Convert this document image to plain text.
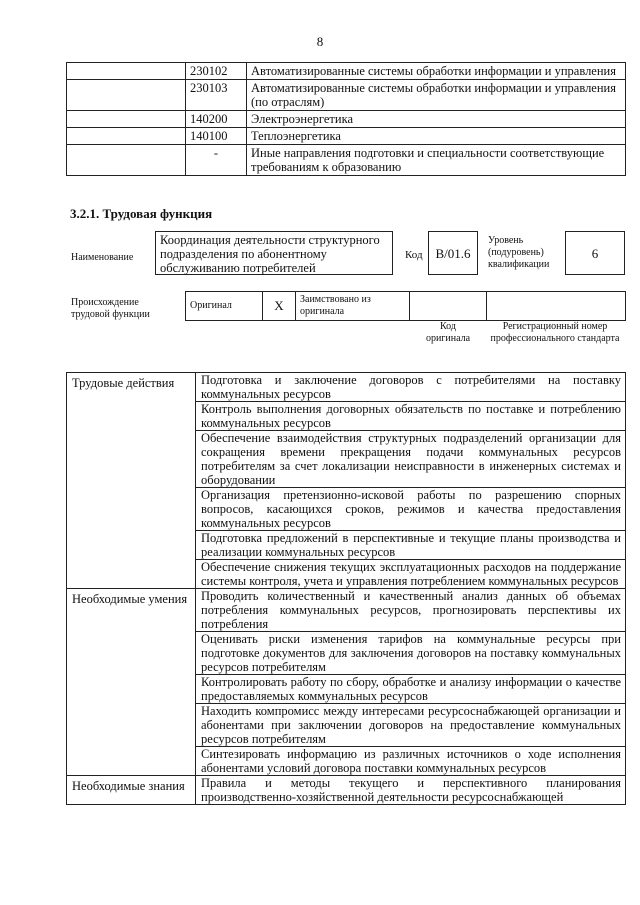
8
	230102	Автоматизированные системы обработки информации и управления
	230103	Автоматизированные системы обработки информации и управления (по отраслям)
	140200	Электроэнергетика
	140100	Теплоэнергетика
	-	Иные направления подготовки и специальности соответствующие требованиям к образованию
3.2.1. Трудовая функция
Наименование
Координация деятельности структурного подразделения по абонентному обслуживанию потребителей
Код B/01.6
Уровень (подуровень) квалификации
6
Происхождение трудовой функции
Оригинал	X	Заимствовано из оригинала		
Код оригинала
Регистрационный номер профессионального стандарта
Трудовые действия	Подготовка и заключение договоров с потребителями на поставку коммунальных ресурсов
	Контроль выполнения договорных обязательств по поставке и потреблению коммунальных ресурсов
	Обеспечение взаимодействия структурных подразделений организации для сокращения времени прекращения подачи коммунальных ресурсов потребителям за счет локализации неисправности в инженерных системах и оборудовании
	Организация претензионно-исковой работы по разрешению спорных вопросов, касающихся сроков, режимов и качества предоставления коммунальных ресурсов
	Подготовка предложений в перспективные и текущие планы производства и реализации коммунальных ресурсов
	Обеспечение снижения текущих эксплуатационных расходов на поддержание системы контроля, учета и управления потреблением коммунальных ресурсов
Необходимые умения	Проводить количественный и качественный анализ данных об объемах потребления коммунальных ресурсов, прогнозировать перспективы их потребления
	Оценивать риски изменения тарифов на коммунальные ресурсы при подготовке документов для заключения договоров на поставку коммунальных ресурсов потребителям
	Контролировать работу по сбору, обработке и анализу информации о качестве предоставляемых коммунальных ресурсов
	Находить компромисс между интересами ресурсоснабжающей организации и абонентами при заключении договоров на предоставление коммунальных ресурсов потребителям
	Синтезировать информацию из различных источников о ходе исполнения абонентами условий договора поставки коммунальных ресурсов
Необходимые знания	Правила и методы текущего и перспективного планирования производственно-хозяйственной деятельности ресурсоснабжающей
